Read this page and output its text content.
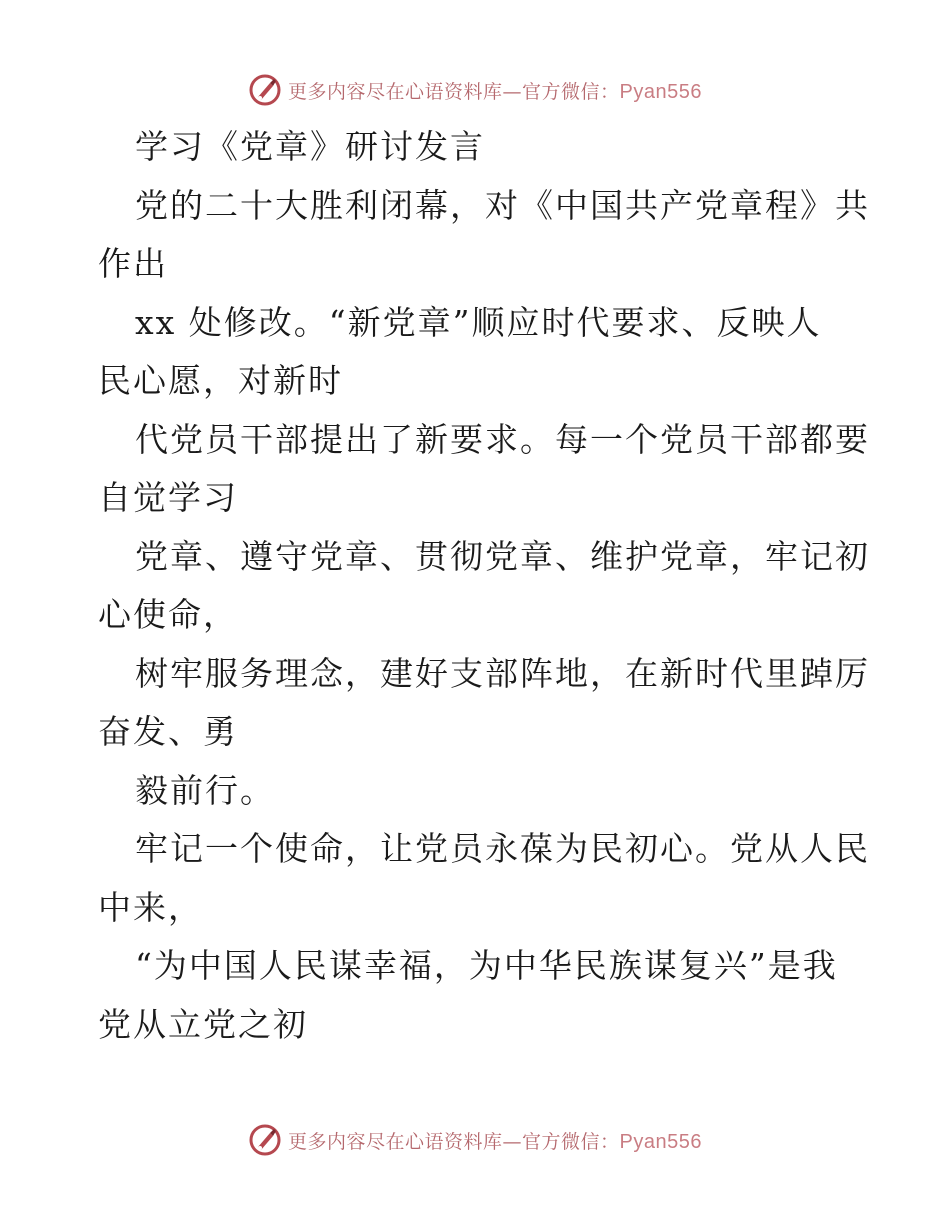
更多内容尽在心语资料库—官方微信：Pyan556
学习《党章》研讨发言
党的二十大胜利闭幕，对《中国共产党章程》共
作出
xx 处修改。“新党章”顺应时代要求、反映人
民心愿，对新时
代党员干部提出了新要求。每一个党员干部都要
自觉学习
党章、遵守党章、贯彻党章、维护党章，牢记初
心使命，
树牢服务理念，建好支部阵地，在新时代里踔厉
奋发、勇
毅前行。
牢记一个使命，让党员永葆为民初心。党从人民
中来，
“为中国人民谋幸福，为中华民族谋复兴”是我
党从立党之初
更多内容尽在心语资料库—官方微信：Pyan556
